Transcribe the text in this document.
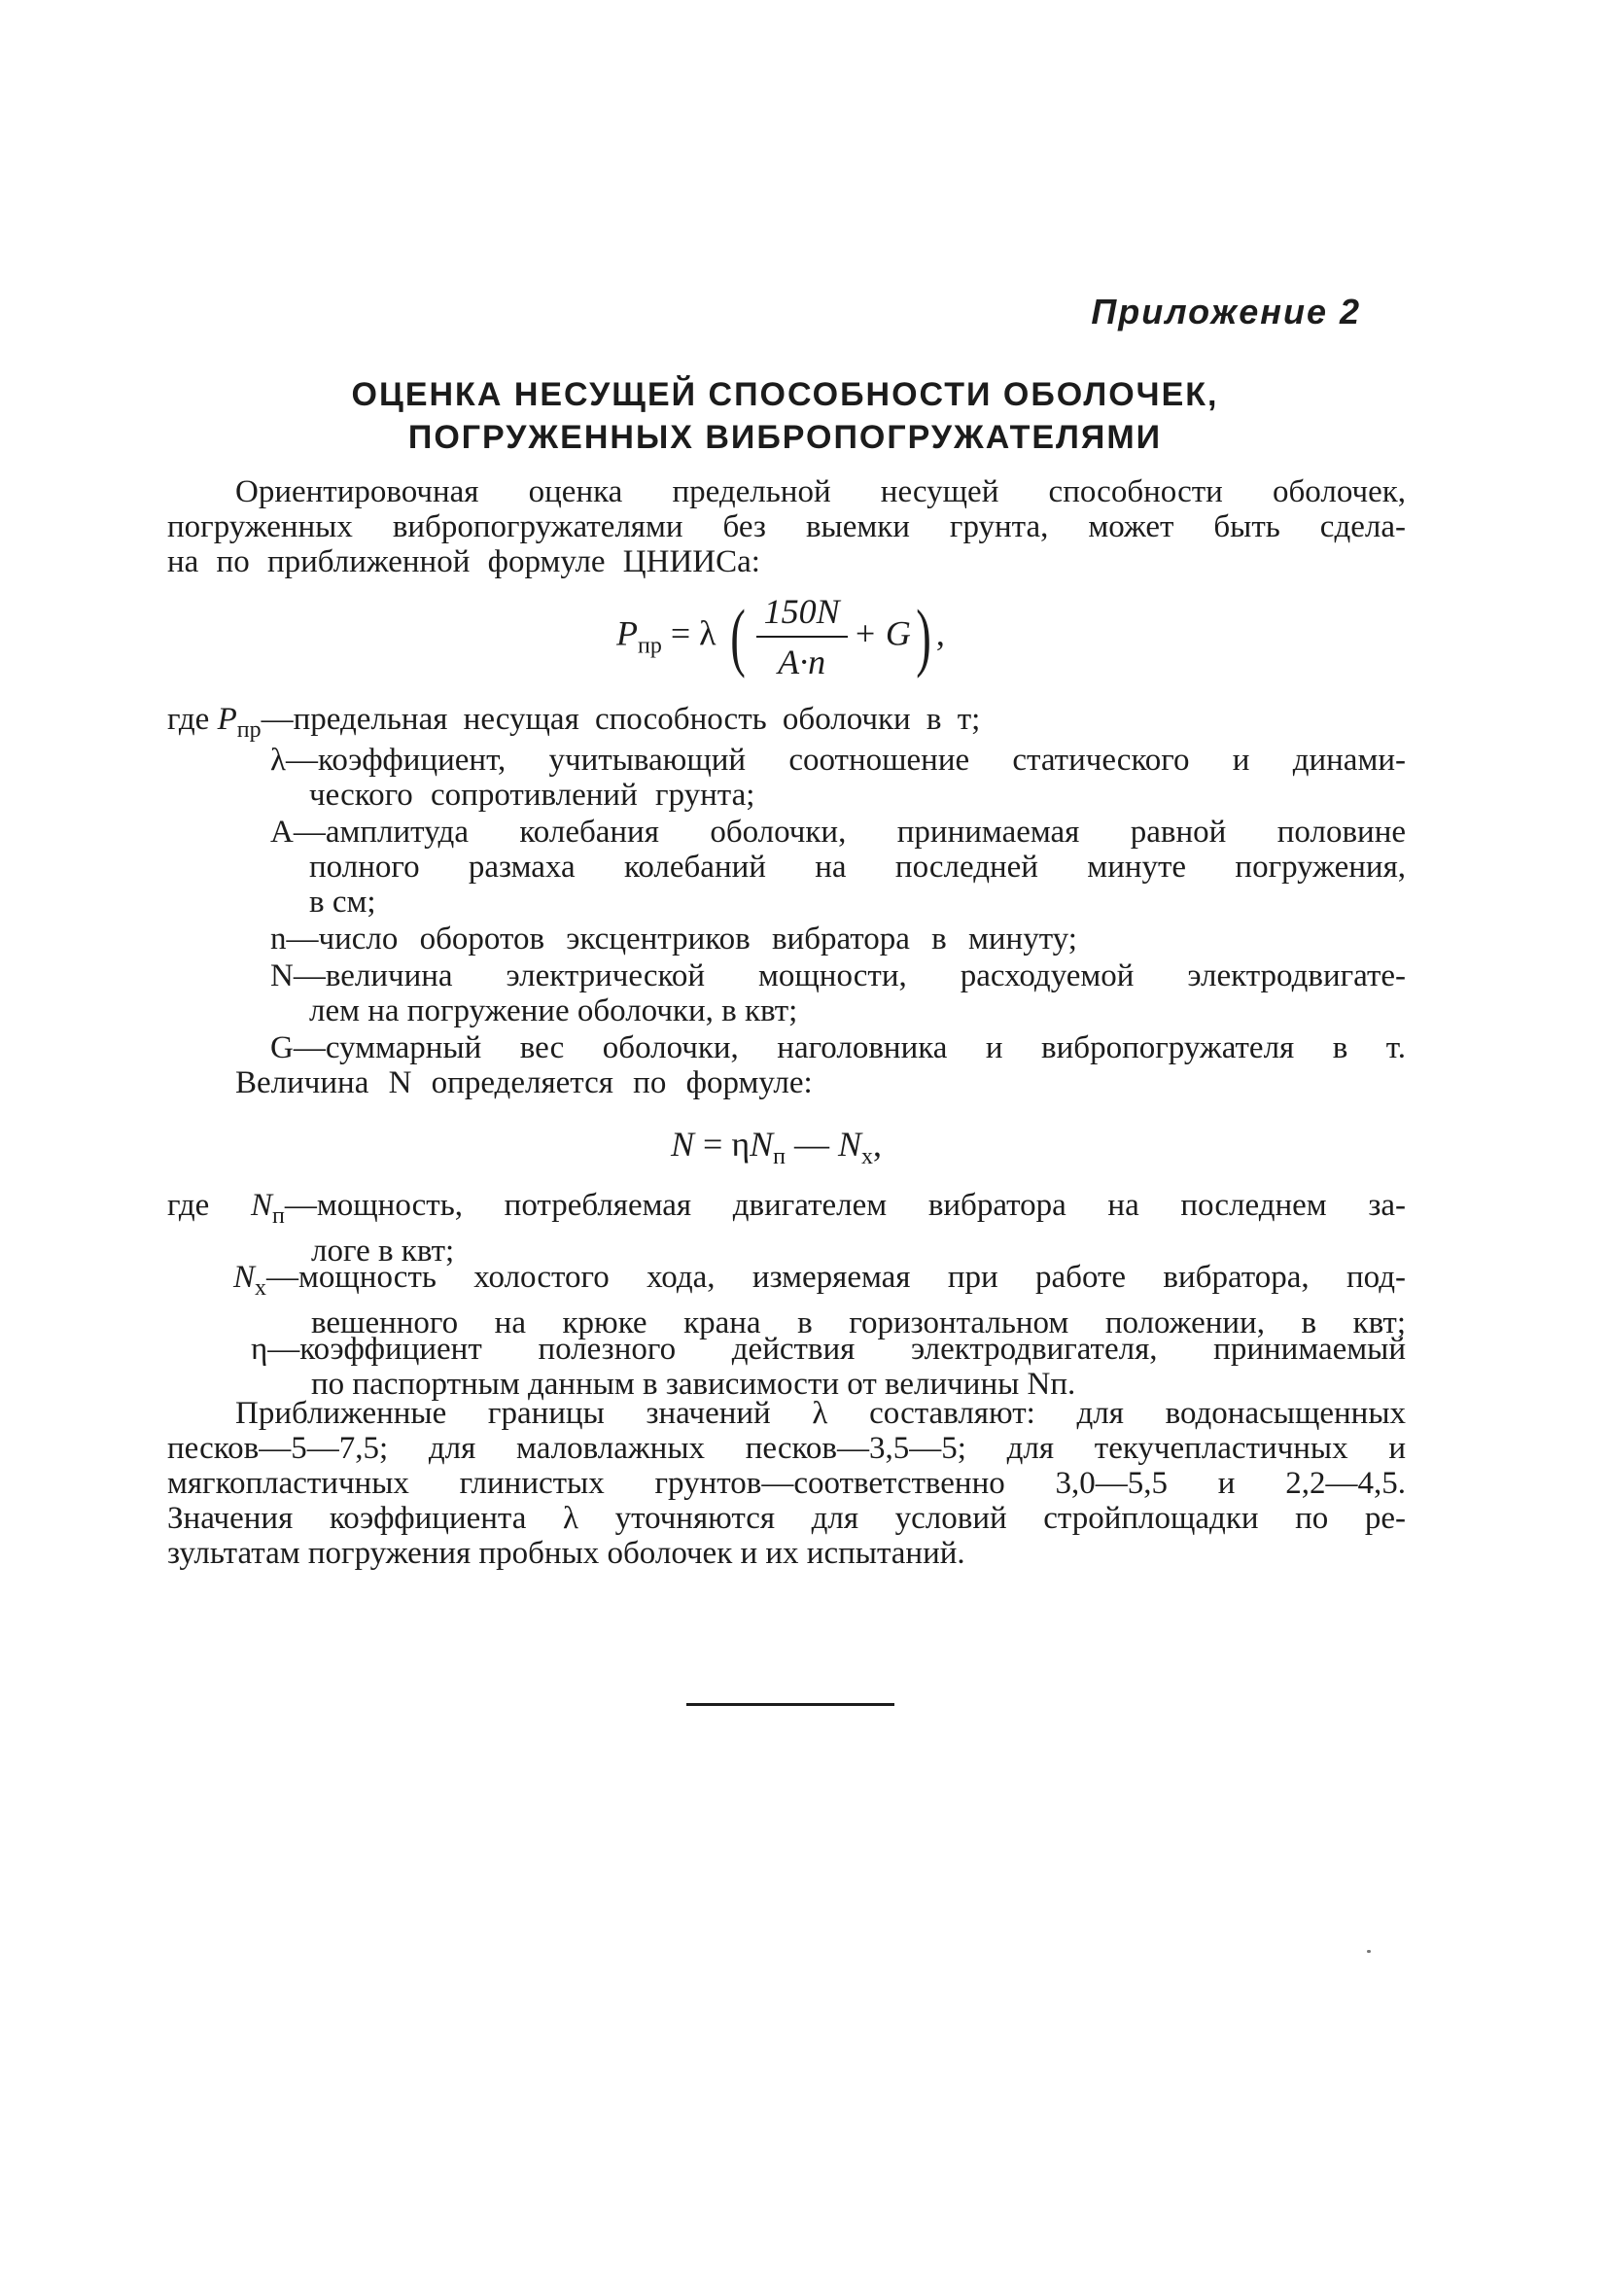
Приложение 2
ОЦЕНКА НЕСУЩЕЙ СПОСОБНОСТИ ОБОЛОЧЕК,
ПОГРУЖЕННЫХ ВИБРОПОГРУЖАТЕЛЯМИ
Ориентировочная оценка предельной несущей способности оболочек,
погруженных вибропогружателями без выемки грунта, может быть сдела-
на по приближенной формуле ЦНИИСа:
$P_{пр} = \lambda$ ( $\frac{150N}{A\cdot n} + G$) ,
где $P_{пр}—предельная$ несущая способность оболочки в т;
λ—коэффициент, учитывающий соотношение статического и динами-
ческого сопротивлений грунта;
A—амплитуда колебания оболочки, принимаемая равной половине
полного размаха колебаний на последней минуте погружения,
в см;
n—число оборотов эксцентриков вибратора в минуту;
N—величина электрической мощности, расходуемой электродвигате-
лем на погружение оболочки, в квт;
G—суммарный вес оболочки, наголовника и вибропогружателя в т.
Величина N определяется по формуле:
$N = \eta N_п$ — $N_х$,
где $N_п—мощность$, потребляемая двигателем вибратора на последнем за-
логе в квт;
$N_х—мощность$ холостого хода, измеряемая при работе вибратора, под-
вешенного на крюке крана в горизонтальном положении, в квт;
η—коэффициент полезного действия электродвигателя, принимаемый
по паспортным данным в зависимости от величины Nп.
Приближенные границы значений λ составляют: для водонасыщенных
песков—5—7,5; для маловлажных песков—3,5—5; для текучепластичных и
мягкопластичных глинистых грунтов—соответственно 3,0—5,5 и 2,2—4,5.
Значения коэффициента λ уточняются для условий стройплощадки по ре-
зультатам погружения пробных оболочек и их испытаний.
